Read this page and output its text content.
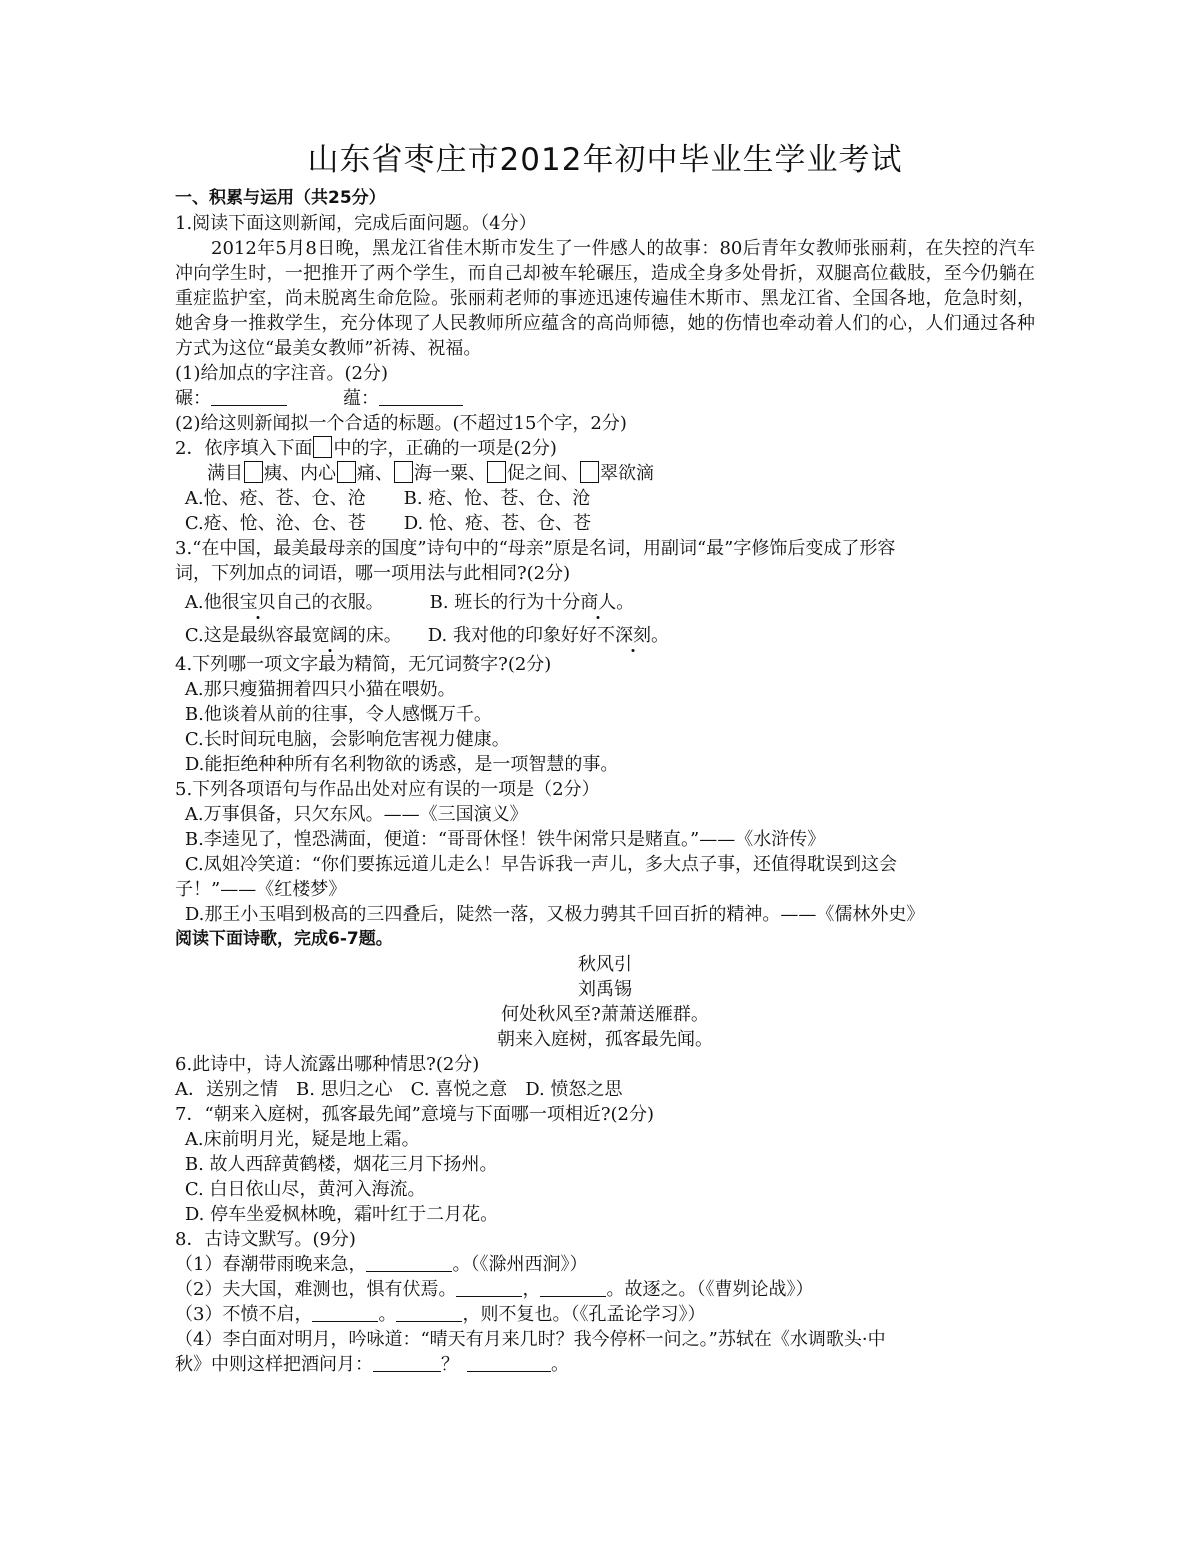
山东省枣庄市2012年初中毕业生学业考试
一、积累与运用（共25分）
1.阅读下面这则新闻，完成后面问题。（4分）
2012年5月8日晚，黑龙江省佳木斯市发生了一件感人的故事：80后青年女教师张丽莉，在失控的汽车冲向学生时，一把推开了两个学生，而自己却被车轮碾压，造成全身多处骨折，双腿高位截肢，至今仍躺在重症监护室，尚未脱离生命危险。张丽莉老师的事迹迅速传遍佳木斯市、黑龙江省、全国各地，危急时刻，她舍身一推救学生，充分体现了人民教师所应蕴含的高尚师德，她的伤情也牵动着人们的心，人们通过各种方式为这位“最美女教师”祈祷、祝福。
(1)给加点的字注音。(2分)
碾：	蕴：
(2)给这则新闻拟一个合适的标题。(不超过15个字，2分)
2．依序填入下面 中的字，正确的一项是(2分)
满目 痍、内心 痛、 海一粟、 促之间、 翠欲滴
A.怆、疮、苍、仓、沧 B. 疮、怆、苍、仓、沧
C.疮、怆、沧、仓、苍 D. 怆、疮、苍、仓、苍
3.“在中国，最美最母亲的国度”诗句中的“母亲”原是名词，用副词“最”字修饰后变成了形容
词，下列加点的词语，哪一项用法与此相同?(2分)
A.他很宝贝自己的衣服。	B. 班长的行为十分商人。
C.这是最纵容最宽阔的床。 D. 我对他的印象好好不深刻。
4.下列哪一项文字最为精简，无冗词赘字?(2分)
A.那只瘦猫拥着四只小猫在喂奶。
B.他谈着从前的往事，令人感慨万千。
C.长时间玩电脑，会影响危害视力健康。
D.能拒绝种种所有名利物欲的诱惑，是一项智慧的事。
5.下列各项语句与作品出处对应有误的一项是（2分）
A.万事俱备，只欠东风。——《三国演义》
B.李逵见了，惶恐满面，便道：“哥哥休怪！铁牛闲常只是赌直。”——《水浒传》
C.凤姐冷笑道：“你们要拣远道儿走么！早告诉我一声儿，多大点子事，还值得耽误到这会
子！”——《红楼梦》
D.那王小玉唱到极高的三四叠后，陡然一落，又极力骋其千回百折的精神。——《儒林外史》
阅读下面诗歌，完成6-7题。
秋风引
刘禹锡
何处秋风至?萧萧送雁群。
朝来入庭树，孤客最先闻。
6.此诗中，诗人流露出哪种情思?(2分)
A．送别之情　B. 思归之心　C. 喜悦之意　D. 愤怒之思
7．“朝来入庭树，孤客最先闻”意境与下面哪一项相近?(2分)
A.床前明月光，疑是地上霜。
B. 故人西辞黄鹤楼，烟花三月下扬州。
C. 白日依山尽，黄河入海流。
D. 停车坐爱枫林晚，霜叶红于二月花。
8．古诗文默写。(9分)
（1）春潮带雨晚来急，	。（《滁州西涧》）
（2）夫大国，难测也，惧有伏焉。	，	。故逐之。（《曹刿论战》）
（3）不愤不启，	。	，则不复也。（《孔孟论学习》）
（4）李白面对明月，吟咏道：“晴天有月来几时？我今停杯一问之。”苏轼在《水调歌头·中
秋》中则这样把酒问月：	？	。
